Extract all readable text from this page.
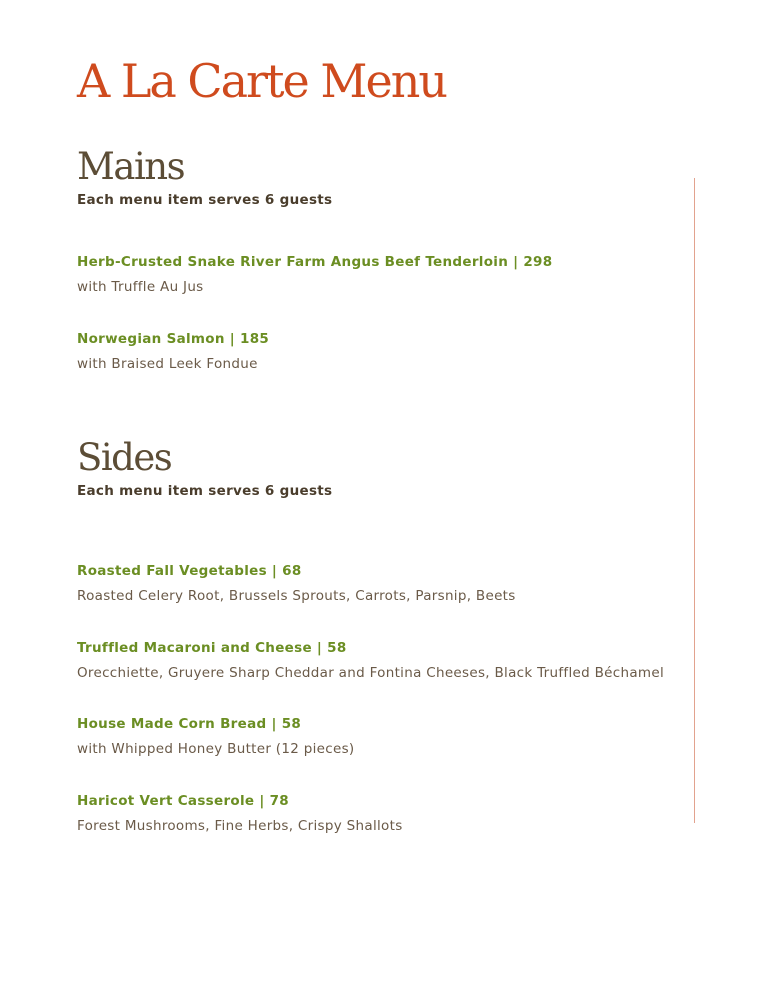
A La Carte Menu
Mains

Each menu item serves 6 guests

Herb-Crusted Snake River Farm Angus Beef Tenderloin | 298

with Truffle Au Jus

Norwegian Salmon | 185

with Braised Leek Fondue

Sides

Each menu item serves 6 guests

Roasted Fall Vegetables | 68

Roasted Celery Root, Brussels Sprouts, Carrots, Parsnip, Beets

Truffled Macaroni and Cheese | 58

Orecchiette, Gruyere Sharp Cheddar and Fontina Cheeses, Black Truffled Béchamel

House Made Corn Bread | 58

with Whipped Honey Butter (12 pieces)

Haricot Vert Casserole | 78

Forest Mushrooms, Fine Herbs, Crispy Shallots
